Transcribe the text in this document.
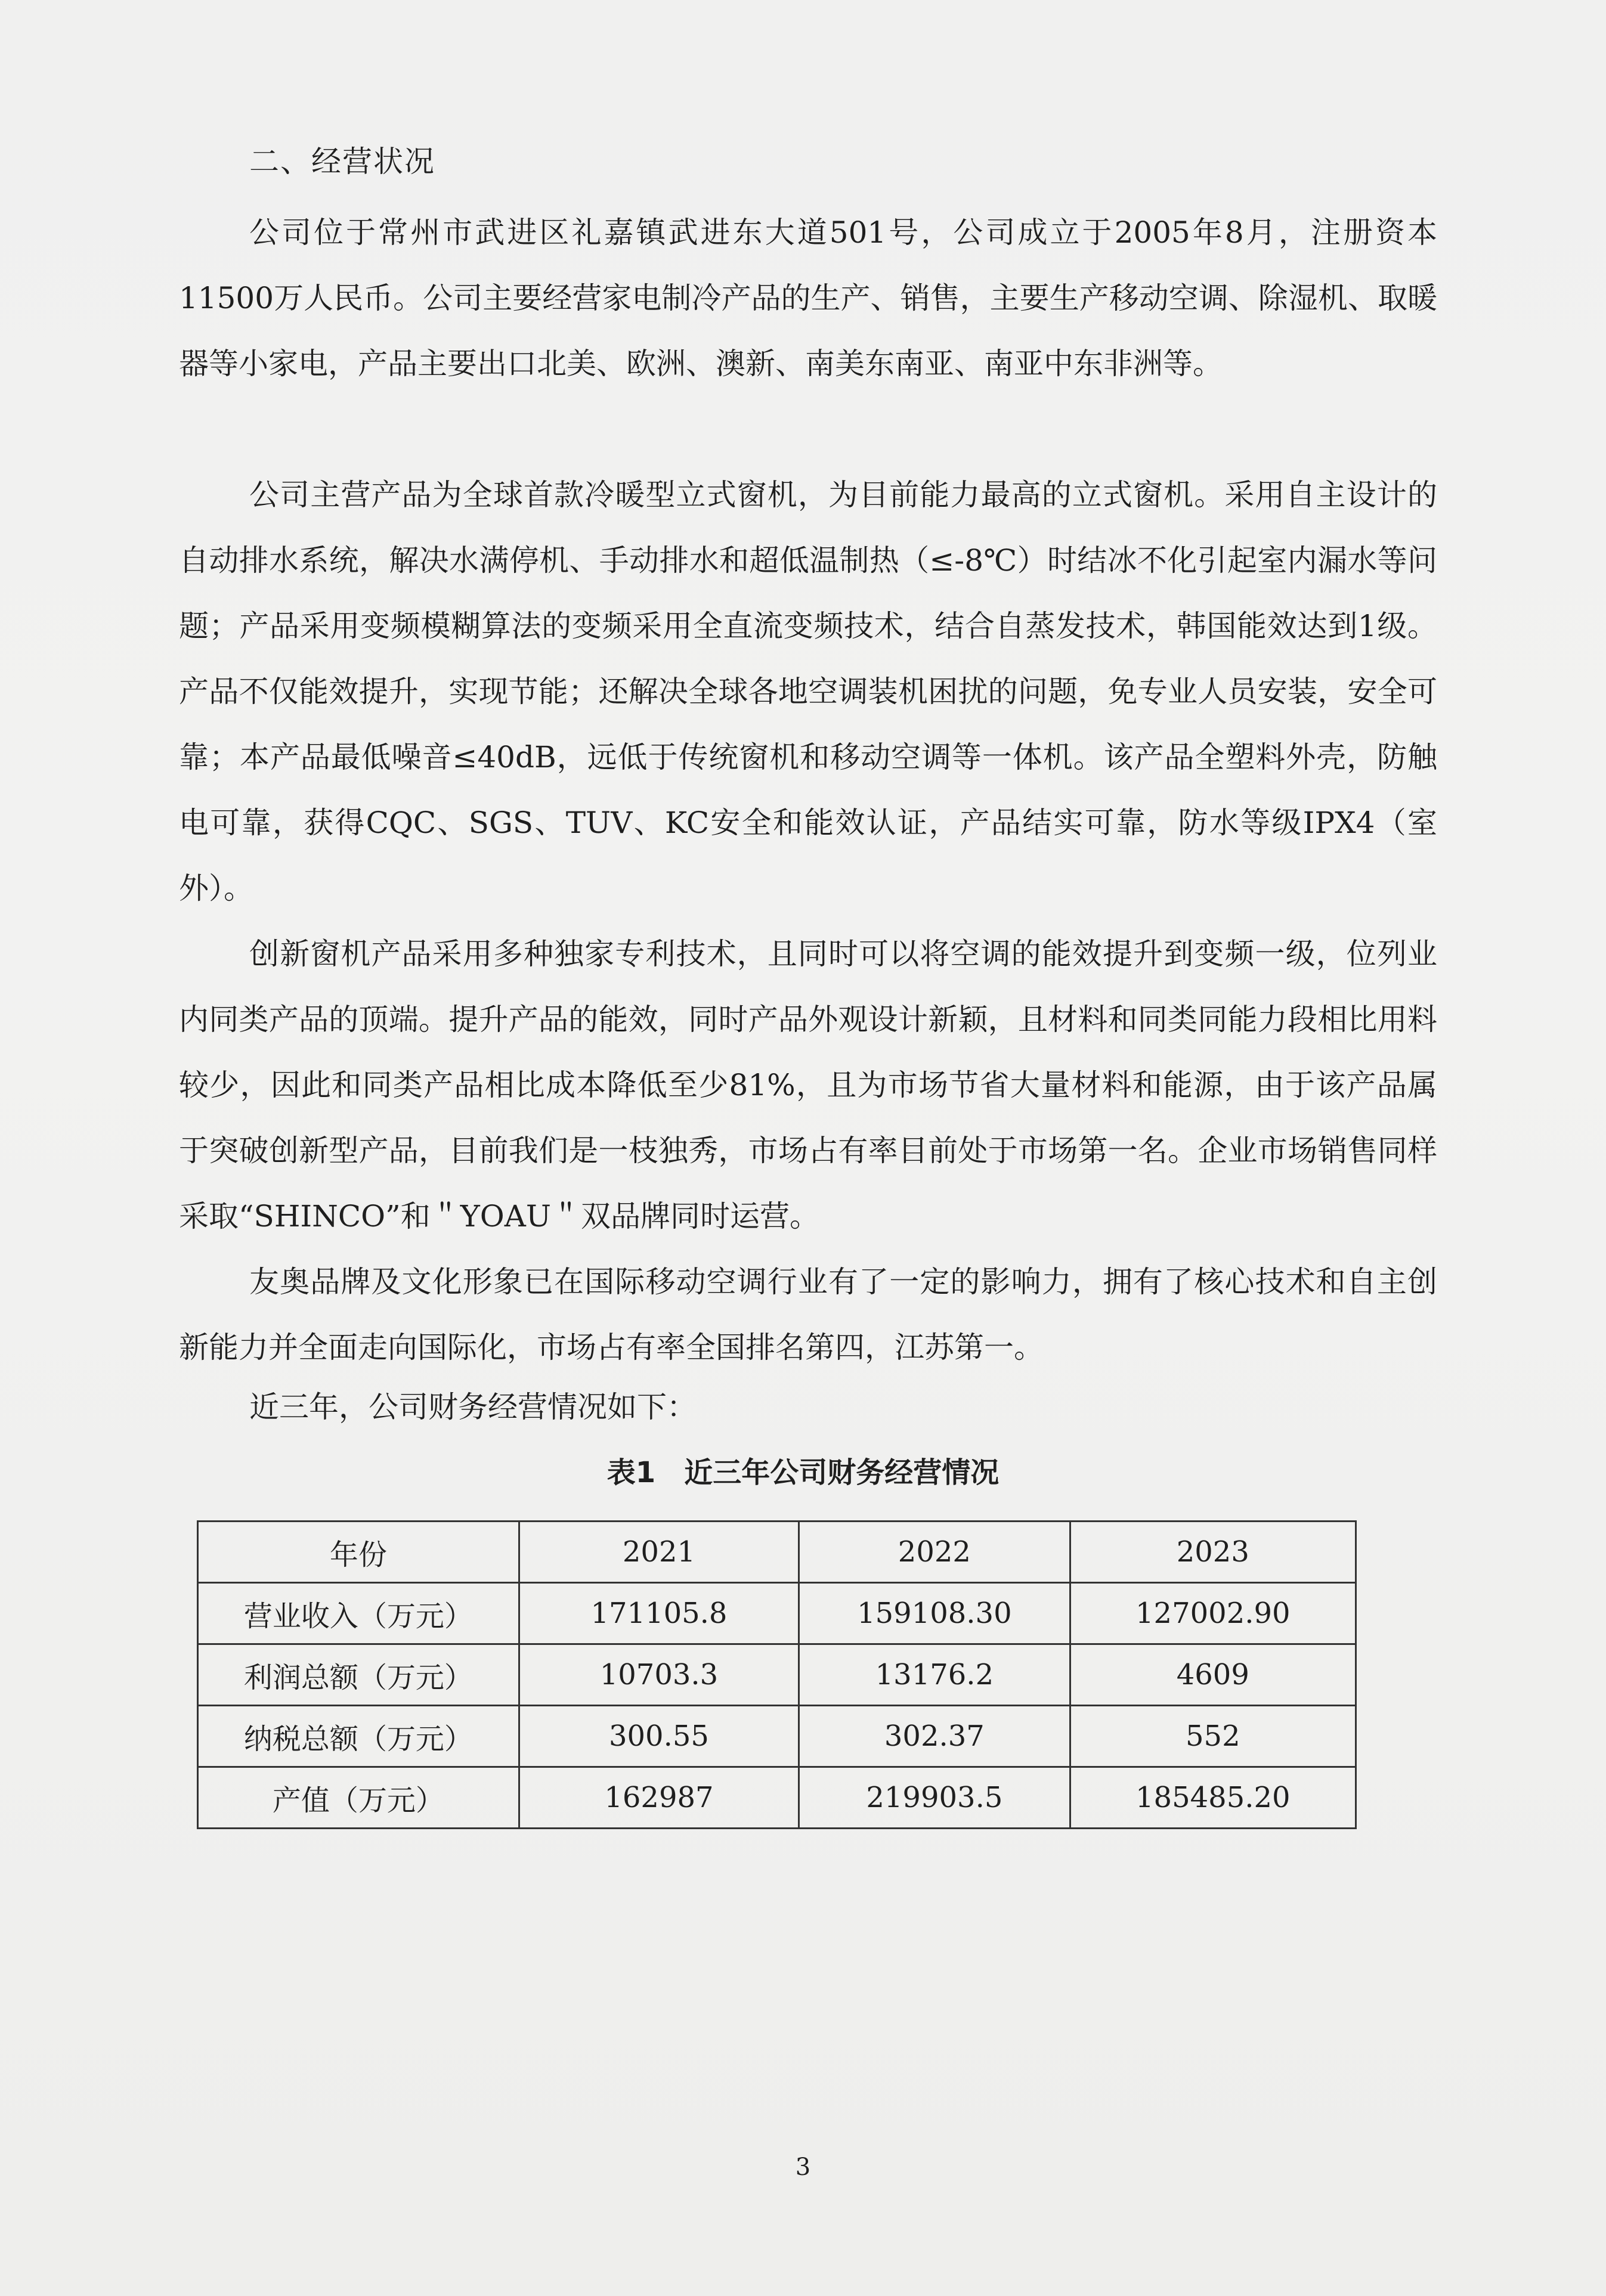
二、经营状况

公司位于常州市武进区礼嘉镇武进东大道501号，公司成立于2005年8月，注册资本11500万人民币。公司主要经营家电制冷产品的生产、销售，主要生产移动空调、除湿机、取暖器等小家电，产品主要出口北美、欧洲、澳新、南美东南亚、南亚中东非洲等。

公司主营产品为全球首款冷暖型立式窗机，为目前能力最高的立式窗机。采用自主设计的自动排水系统，解决水满停机、手动排水和超低温制热（≤-8℃）时结冰不化引起室内漏水等问题；产品采用变频模糊算法的变频采用全直流变频技术，结合自蒸发技术，韩国能效达到1级。产品不仅能效提升，实现节能；还解决全球各地空调装机困扰的问题，免专业人员安装，安全可靠；本产品最低噪音≤40dB，远低于传统窗机和移动空调等一体机。该产品全塑料外壳，防触电可靠，获得CQC、SGS、TUV、KC安全和能效认证，产品结实可靠，防水等级IPX4（室外）。

创新窗机产品采用多种独家专利技术，且同时可以将空调的能效提升到变频一级，位列业内同类产品的顶端。提升产品的能效，同时产品外观设计新颖，且材料和同类同能力段相比用料较少，因此和同类产品相比成本降低至少81%，且为市场节省大量材料和能源，由于该产品属于突破创新型产品，目前我们是一枝独秀，市场占有率目前处于市场第一名。企业市场销售同样采取“SHINCO”和＂YOAU＂双品牌同时运营。

友奥品牌及文化形象已在国际移动空调行业有了一定的影响力，拥有了核心技术和自主创新能力并全面走向国际化，市场占有率全国排名第四，江苏第一。

近三年，公司财务经营情况如下：

表1　近三年公司财务经营情况
年份	2021	2022	2023
营业收入（万元）	171105.8	159108.30	127002.90
利润总额（万元）	10703.3	13176.2	4609
纳税总额（万元）	300.55	302.37	552
产值（万元）	162987	219903.5	185485.20
3
